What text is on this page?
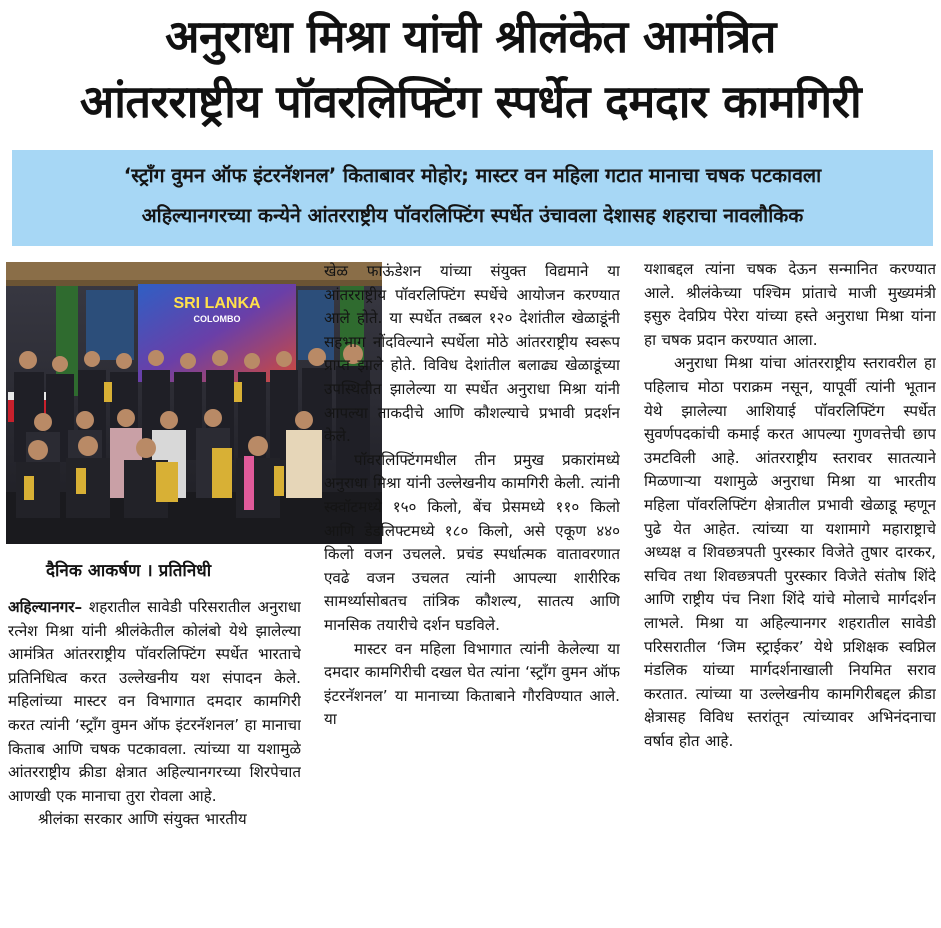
अनुराधा मिश्रा यांची श्रीलंकेत आमंत्रित
आंतरराष्ट्रीय पॉवरलिफ्टिंग स्पर्धेत दमदार कामगिरी
‘स्ट्रॉंग वुमन ऑफ इंटरनॅशनल’ किताबावर मोहोर; मास्टर वन महिला गटात मानाचा चषक पटकावला
अहिल्यानगरच्या कन्येने आंतरराष्ट्रीय पॉवरलिफ्टिंग स्पर्धेत उंचावला देशासह शहराचा नावलौकिक
SRI LANKA
COLOMBO
दैनिक आकर्षण । प्रतिनिधी

अहिल्यानगर– शहरातील सावेडी परिसरातील अनुराधा रत्नेश मिश्रा यांनी श्रीलंकेतील कोलंबो येथे झालेल्या आमंत्रित आंतरराष्ट्रीय पॉवरलिफ्टिंग स्पर्धेत भारताचे प्रतिनिधित्व करत उल्लेखनीय यश संपादन केले. महिलांच्या मास्टर वन विभागात दमदार कामगिरी करत त्यांनी ‘स्ट्रॉंग वुमन ऑफ इंटरनॅशनल’ हा मानाचा किताब आणि चषक पटकावला. त्यांच्या या यशामुळे आंतरराष्ट्रीय क्रीडा क्षेत्रात अहिल्यानगरच्या शिरपेचात आणखी एक मानाचा तुरा रोवला आहे.

श्रीलंका सरकार आणि संयुक्त भारतीय

खेळ फाऊंडेशन यांच्या संयुक्त विद्यमाने या आंतरराष्ट्रीय पॉवरलिफ्टिंग स्पर्धेचे आयोजन करण्यात आले होते. या स्पर्धेत तब्बल १२० देशांतील खेळाडूंनी सहभाग नोंदविल्याने स्पर्धेला मोठे आंतरराष्ट्रीय स्वरूप प्राप्त झाले होते. विविध देशांतील बलाढ्य खेळाडूंच्या उपस्थितीत झालेल्या या स्पर्धेत अनुराधा मिश्रा यांनी आपल्या ताकदीचे आणि कौशल्याचे प्रभावी प्रदर्शन केले.

पॉवरलिफ्टिंगमधील तीन प्रमुख प्रकारांमध्ये अनुराधा मिश्रा यांनी उल्लेखनीय कामगिरी केली. त्यांनी स्क्वॉटमध्ये १५० किलो, बेंच प्रेसमध्ये ११० किलो आणि डेडलिफ्टमध्ये १८० किलो, असे एकूण ४४० किलो वजन उचलले. प्रचंड स्पर्धात्मक वातावरणात एवढे वजन उचलत त्यांनी आपल्या शारीरिक सामर्थ्यासोबतच तांत्रिक कौशल्य, सातत्य आणि मानसिक तयारीचे दर्शन घडविले.

मास्टर वन महिला विभागात त्यांनी केलेल्या या दमदार कामगिरीची दखल घेत त्यांना ‘स्ट्रॉंग वुमन ऑफ इंटरनॅशनल’ या मानाच्या किताबाने गौरविण्यात आले. या

यशाबद्दल त्यांना चषक देऊन सन्मानित करण्यात आले. श्रीलंकेच्या पश्चिम प्रांताचे माजी मुख्यमंत्री इसुरु देवप्रिय पेरेरा यांच्या हस्ते अनुराधा मिश्रा यांना हा चषक प्रदान करण्यात आला.

अनुराधा मिश्रा यांचा आंतरराष्ट्रीय स्तरावरील हा पहिलाच मोठा पराक्रम नसून, यापूर्वी त्यांनी भूतान येथे झालेल्या आशियाई पॉवरलिफ्टिंग स्पर्धेत सुवर्णपदकांची कमाई करत आपल्या गुणवत्तेची छाप उमटविली आहे. आंतरराष्ट्रीय स्तरावर सातत्याने मिळणाऱ्या यशामुळे अनुराधा मिश्रा या भारतीय महिला पॉवरलिफ्टिंग क्षेत्रातील प्रभावी खेळाडू म्हणून पुढे येत आहेत. त्यांच्या या यशामागे महाराष्ट्राचे अध्यक्ष व शिवछत्रपती पुरस्कार विजेते तुषार दारकर, सचिव तथा शिवछत्रपती पुरस्कार विजेते संतोष शिंदे आणि राष्ट्रीय पंच निशा शिंदे यांचे मोलाचे मार्गदर्शन लाभले. मिश्रा या अहिल्यानगर शहरातील सावेडी परिसरातील ‘जिम स्ट्राईकर’ येथे प्रशिक्षक स्वप्निल मंडलिक यांच्या मार्गदर्शनाखाली नियमित सराव करतात. त्यांच्या या उल्लेखनीय कामगिरीबद्दल क्रीडा क्षेत्रासह विविध स्तरांतून त्यांच्यावर अभिनंदनाचा वर्षाव होत आहे.
